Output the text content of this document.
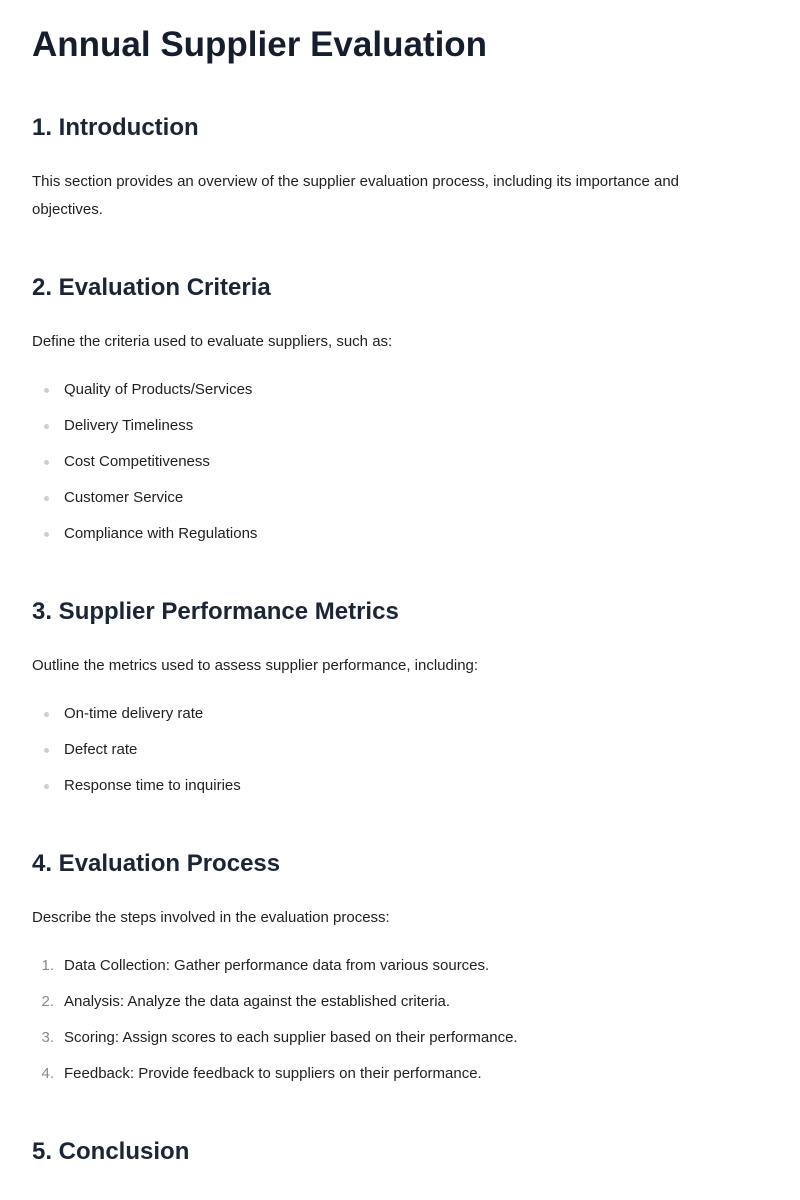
Annual Supplier Evaluation
1. Introduction

This section provides an overview of the supplier evaluation process, including its importance and objectives.

2. Evaluation Criteria

Define the criteria used to evaluate suppliers, such as:

Quality of Products/Services
Delivery Timeliness
Cost Competitiveness
Customer Service
Compliance with Regulations
3. Supplier Performance Metrics

Outline the metrics used to assess supplier performance, including:

On-time delivery rate
Defect rate
Response time to inquiries
4. Evaluation Process

Describe the steps involved in the evaluation process:

1. Data Collection: Gather performance data from various sources.
2. Analysis: Analyze the data against the established criteria.
3. Scoring: Assign scores to each supplier based on their performance.
4. Feedback: Provide feedback to suppliers on their performance.
5. Conclusion
